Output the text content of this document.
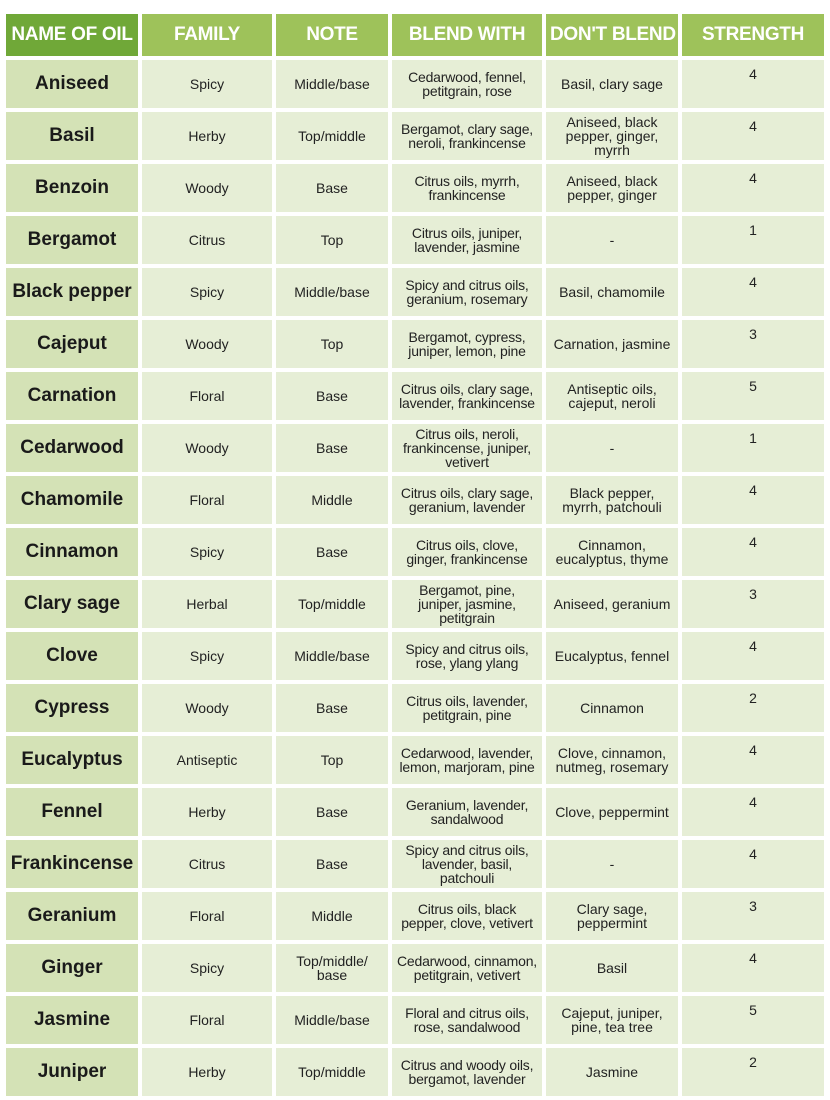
NAME OF OIL	FAMILY	NOTE	BLEND WITH	DON'T BLEND	STRENGTH
Aniseed	Spicy	Middle/base	Cedarwood, fennel, petitgrain, rose	Basil, clary sage	4
Basil	Herby	Top/middle	Bergamot, clary sage, neroli, frankincense	Aniseed, black pepper, ginger, myrrh	4
Benzoin	Woody	Base	Citrus oils, myrrh, frankincense	Aniseed, black pepper, ginger	4
Bergamot	Citrus	Top	Citrus oils, juniper, lavender, jasmine	-	1
Black pepper	Spicy	Middle/base	Spicy and citrus oils, geranium, rosemary	Basil, chamomile	4
Cajeput	Woody	Top	Bergamot, cypress, juniper, lemon, pine	Carnation, jasmine	3
Carnation	Floral	Base	Citrus oils, clary sage, lavender, frankincense	Antiseptic oils, cajeput, neroli	5
Cedarwood	Woody	Base	Citrus oils, neroli, frankincense, juniper, vetivert	-	1
Chamomile	Floral	Middle	Citrus oils, clary sage, geranium, lavender	Black pepper, myrrh, patchouli	4
Cinnamon	Spicy	Base	Citrus oils, clove, ginger, frankincense	Cinnamon, eucalyptus, thyme	4
Clary sage	Herbal	Top/middle	Bergamot, pine, juniper, jasmine, petitgrain	Aniseed, geranium	3
Clove	Spicy	Middle/base	Spicy and citrus oils, rose, ylang ylang	Eucalyptus, fennel	4
Cypress	Woody	Base	Citrus oils, lavender, petitgrain, pine	Cinnamon	2
Eucalyptus	Antiseptic	Top	Cedarwood, lavender, lemon, marjoram, pine	Clove, cinnamon, nutmeg, rosemary	4
Fennel	Herby	Base	Geranium, lavender, sandalwood	Clove, peppermint	4
Frankincense	Citrus	Base	Spicy and citrus oils, lavender, basil, patchouli	-	4
Geranium	Floral	Middle	Citrus oils, black pepper, clove, vetivert	Clary sage, peppermint	3
Ginger	Spicy	Top/middle/ base	Cedarwood, cinnamon, petitgrain, vetivert	Basil	4
Jasmine	Floral	Middle/base	Floral and citrus oils, rose, sandalwood	Cajeput, juniper, pine, tea tree	5
Juniper	Herby	Top/middle	Citrus and woody oils, bergamot, lavender	Jasmine	2
